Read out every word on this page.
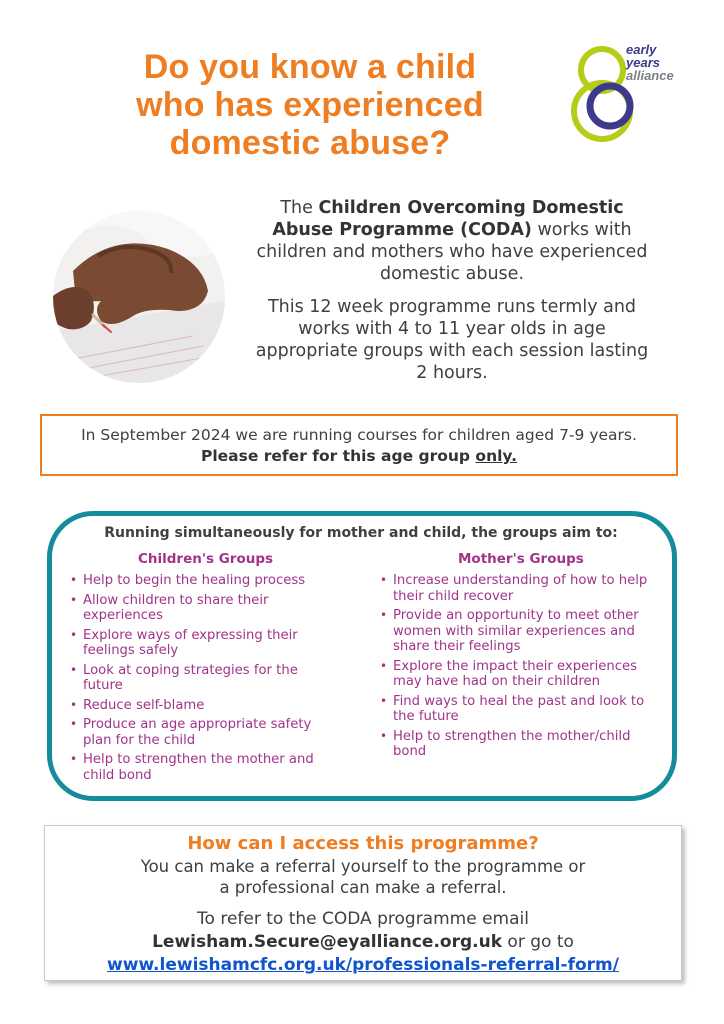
Do you know a child
who has experienced
domestic abuse?
early
years
alliance

The Children Overcoming Domestic Abuse Programme (CODA) works with children and mothers who have experienced domestic abuse.

This 12 week programme runs termly and works with 4 to 11 year olds in age appropriate groups with each session lasting 2 hours.

In September 2024 we are running courses for children aged 7-9 years.
Please refer for this age group only.
Running simultaneously for mother and child, the groups aim to:
Children's Groups
• Help to begin the healing process
• Allow children to share their experiences
• Explore ways of expressing their feelings safely
• Look at coping strategies for the future
• Reduce self-blame
• Produce an age appropriate safety plan for the child
• Help to strengthen the mother and child bond
Mother's Groups
• Increase understanding of how to help their child recover
• Provide an opportunity to meet other women with similar experiences and share their feelings
• Explore the impact their experiences may have had on their children
• Find ways to heal the past and look to the future
• Help to strengthen the mother/child bond
How can I access this programme?
You can make a referral yourself to the programme or
a professional can make a referral.
To refer to the CODA programme email
Lewisham.Secure@eyalliance.org.uk or go to
www.lewishamcfc.org.uk/professionals-referral-form/
